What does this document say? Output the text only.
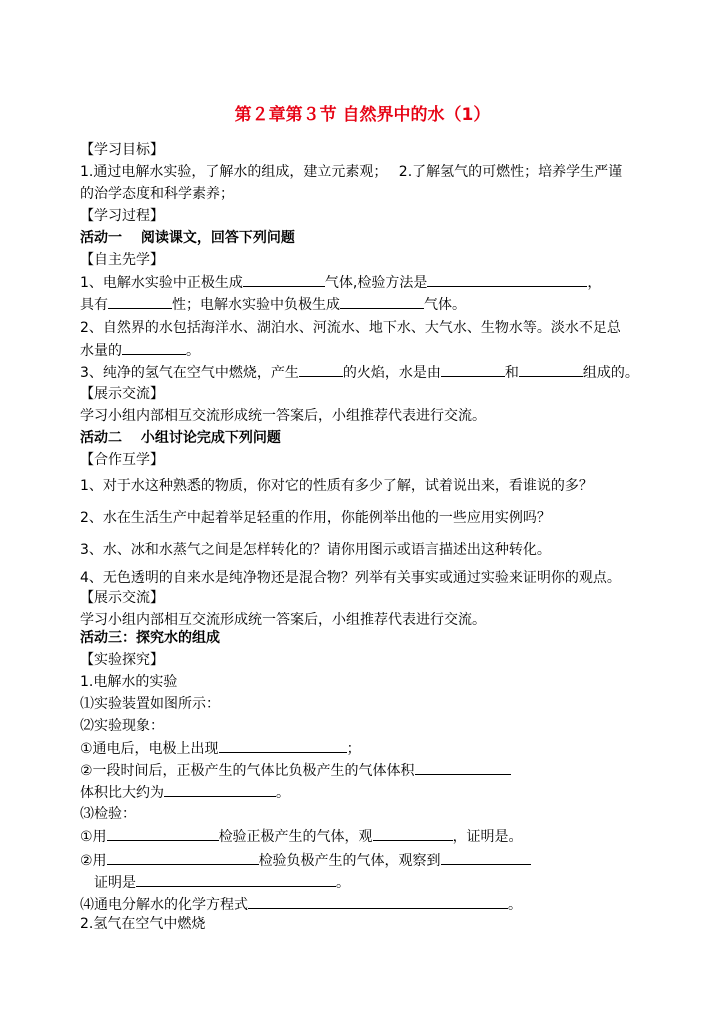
第２章第３节 自然界中的水（1）
【学习目标】
1.通过电解水实验，了解水的组成，建立元素观；　 2.了解氢气的可燃性；培养学生严谨
的治学态度和科学素养；
【学习过程】
活动一　 阅读课文，回答下列问题
【自主先学】
1、电解水实验中正极生成	气体,检验方法是	，
具有	性；电解水实验中负极生成	气体。
2、自然界的水包括海洋水、湖泊水、河流水、地下水、大气水、生物水等。淡水不足总
水量的	。
3、纯净的氢气在空气中燃烧，产生	的火焰，水是由	和	组成的。
【展示交流】
学习小组内部相互交流形成统一答案后，小组推荐代表进行交流。
活动二　 小组讨论完成下列问题
【合作互学】
1、对于水这种熟悉的物质，你对它的性质有多少了解，试着说出来，看谁说的多？
2、水在生活生产中起着举足轻重的作用，你能例举出他的一些应用实例吗？
3、水、冰和水蒸气之间是怎样转化的？请你用图示或语言描述出这种转化。
4、无色透明的自来水是纯净物还是混合物？列举有关事实或通过实验来证明你的观点。
【展示交流】
学习小组内部相互交流形成统一答案后，小组推荐代表进行交流。
活动三：探究水的组成
【实验探究】
1.电解水的实验
⑴实验装置如图所示：
⑵实验现象：
①通电后，电极上出现	；
②一段时间后，正极产生的气体比负极产生的气体体积
体积比大约为	。
⑶检验：
①用	检验正极产生的气体，观	，证明是。
②用	检验负极产生的气体，观察到
证明是	。
⑷通电分解水的化学方程式	。
2.氢气在空气中燃烧
